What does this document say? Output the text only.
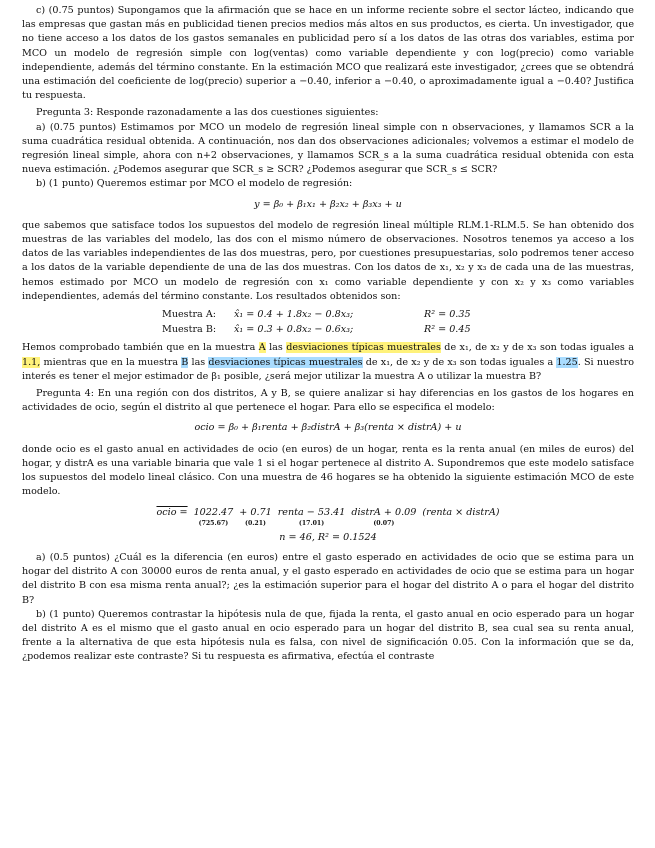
c) (0.75 puntos) Supongamos que la afirmación que se hace en un informe reciente sobre el sector lácteo, indicando que las empresas que gastan más en publicidad tienen precios medios más altos en sus productos, es cierta. Un investigador, que no tiene acceso a los datos de los gastos semanales en publicidad pero sí a los datos de las otras dos variables, estima por MCO un modelo de regresión simple con log(ventas) como variable dependiente y con log(precio) como variable independiente, además del término constante. En la estimación MCO que realizará este investigador, ¿crees que se obtendrá una estimación del coeficiente de log(precio) superior a −0.40, inferior a −0.40, o aproximadamente igual a −0.40? Justifica tu respuesta.

Pregunta 3: Responde razonadamente a las dos cuestiones siguientes:

a) (0.75 puntos) Estimamos por MCO un modelo de regresión lineal simple con n observaciones, y llamamos SCR a la suma cuadrática residual obtenida. A continuación, nos dan dos observaciones adicionales; volvemos a estimar el modelo de regresión lineal simple, ahora con n+2 observaciones, y llamamos SCR_s a la suma cuadrática residual obtenida con esta nueva estimación. ¿Podemos asegurar que SCR_s ≥ SCR? ¿Podemos asegurar que SCR_s ≤ SCR?

b) (1 punto) Queremos estimar por MCO el modelo de regresión:

y = β₀ + β₁x₁ + β₂x₂ + β₃x₃ + u

que sabemos que satisface todos los supuestos del modelo de regresión lineal múltiple RLM.1-RLM.5. Se han obtenido dos muestras de las variables del modelo, las dos con el mismo número de observaciones. Nosotros tenemos ya acceso a los datos de las variables independientes de las dos muestras, pero, por cuestiones presupuestarias, solo podremos tener acceso a los datos de la variable dependiente de una de las dos muestras. Con los datos de x₁, x₂ y x₃ de cada una de las muestras, hemos estimado por MCO un modelo de regresión con x₁ como variable dependiente y con x₂ y x₃ como variables independientes, además del término constante. Los resultados obtenidos son:

Muestra A:	x̂₁ = 0.4 + 1.8x₂ − 0.8x₃;	R² = 0.35
Muestra B:	x̂₁ = 0.3 + 0.8x₂ − 0.6x₃;	R² = 0.45

Hemos comprobado también que en la muestra A las desviaciones típicas muestrales de x₁, de x₂ y de x₃ son todas iguales a 1.1, mientras que en la muestra B las desviaciones típicas muestrales de x₁, de x₂ y de x₃ son todas iguales a 1.25. Si nuestro interés es tener el mejor estimador de β₁ posible, ¿será mejor utilizar la muestra A o utilizar la muestra B?

Pregunta 4: En una región con dos distritos, A y B, se quiere analizar si hay diferencias en los gastos de los hogares en actividades de ocio, según el distrito al que pertenece el hogar. Para ello se especifica el modelo:

ocio = β₀ + β₁renta + β₂distrA + β₃(renta × distrA) + u

donde ocio es el gasto anual en actividades de ocio (en euros) de un hogar, renta es la renta anual (en miles de euros) del hogar, y distrA es una variable binaria que vale 1 si el hogar pertenece al distrito A. Supondremos que este modelo satisface los supuestos del modelo lineal clásico. Con una muestra de 46 hogares se ha obtenido la siguiente estimación MCO de este modelo.

ocio = 1022.47
(725.67)
+ 0.71
(0.21)
renta − 53.41
(17.01)
distrA + 0.09
(0.07)
(renta × distrA)
n = 46, R² = 0.1524

a) (0.5 puntos) ¿Cuál es la diferencia (en euros) entre el gasto esperado en actividades de ocio que se estima para un hogar del distrito A con 30000 euros de renta anual, y el gasto esperado en actividades de ocio que se estima para un hogar del distrito B con esa misma renta anual?; ¿es la estimación superior para el hogar del distrito A o para el hogar del distrito B?

b) (1 punto) Queremos contrastar la hipótesis nula de que, fijada la renta, el gasto anual en ocio esperado para un hogar del distrito A es el mismo que el gasto anual en ocio esperado para un hogar del distrito B, sea cual sea su renta anual, frente a la alternativa de que esta hipótesis nula es falsa, con nivel de significación 0.05. Con la información que se da, ¿podemos realizar este contraste? Si tu respuesta es afirmativa, efectúa el contraste
